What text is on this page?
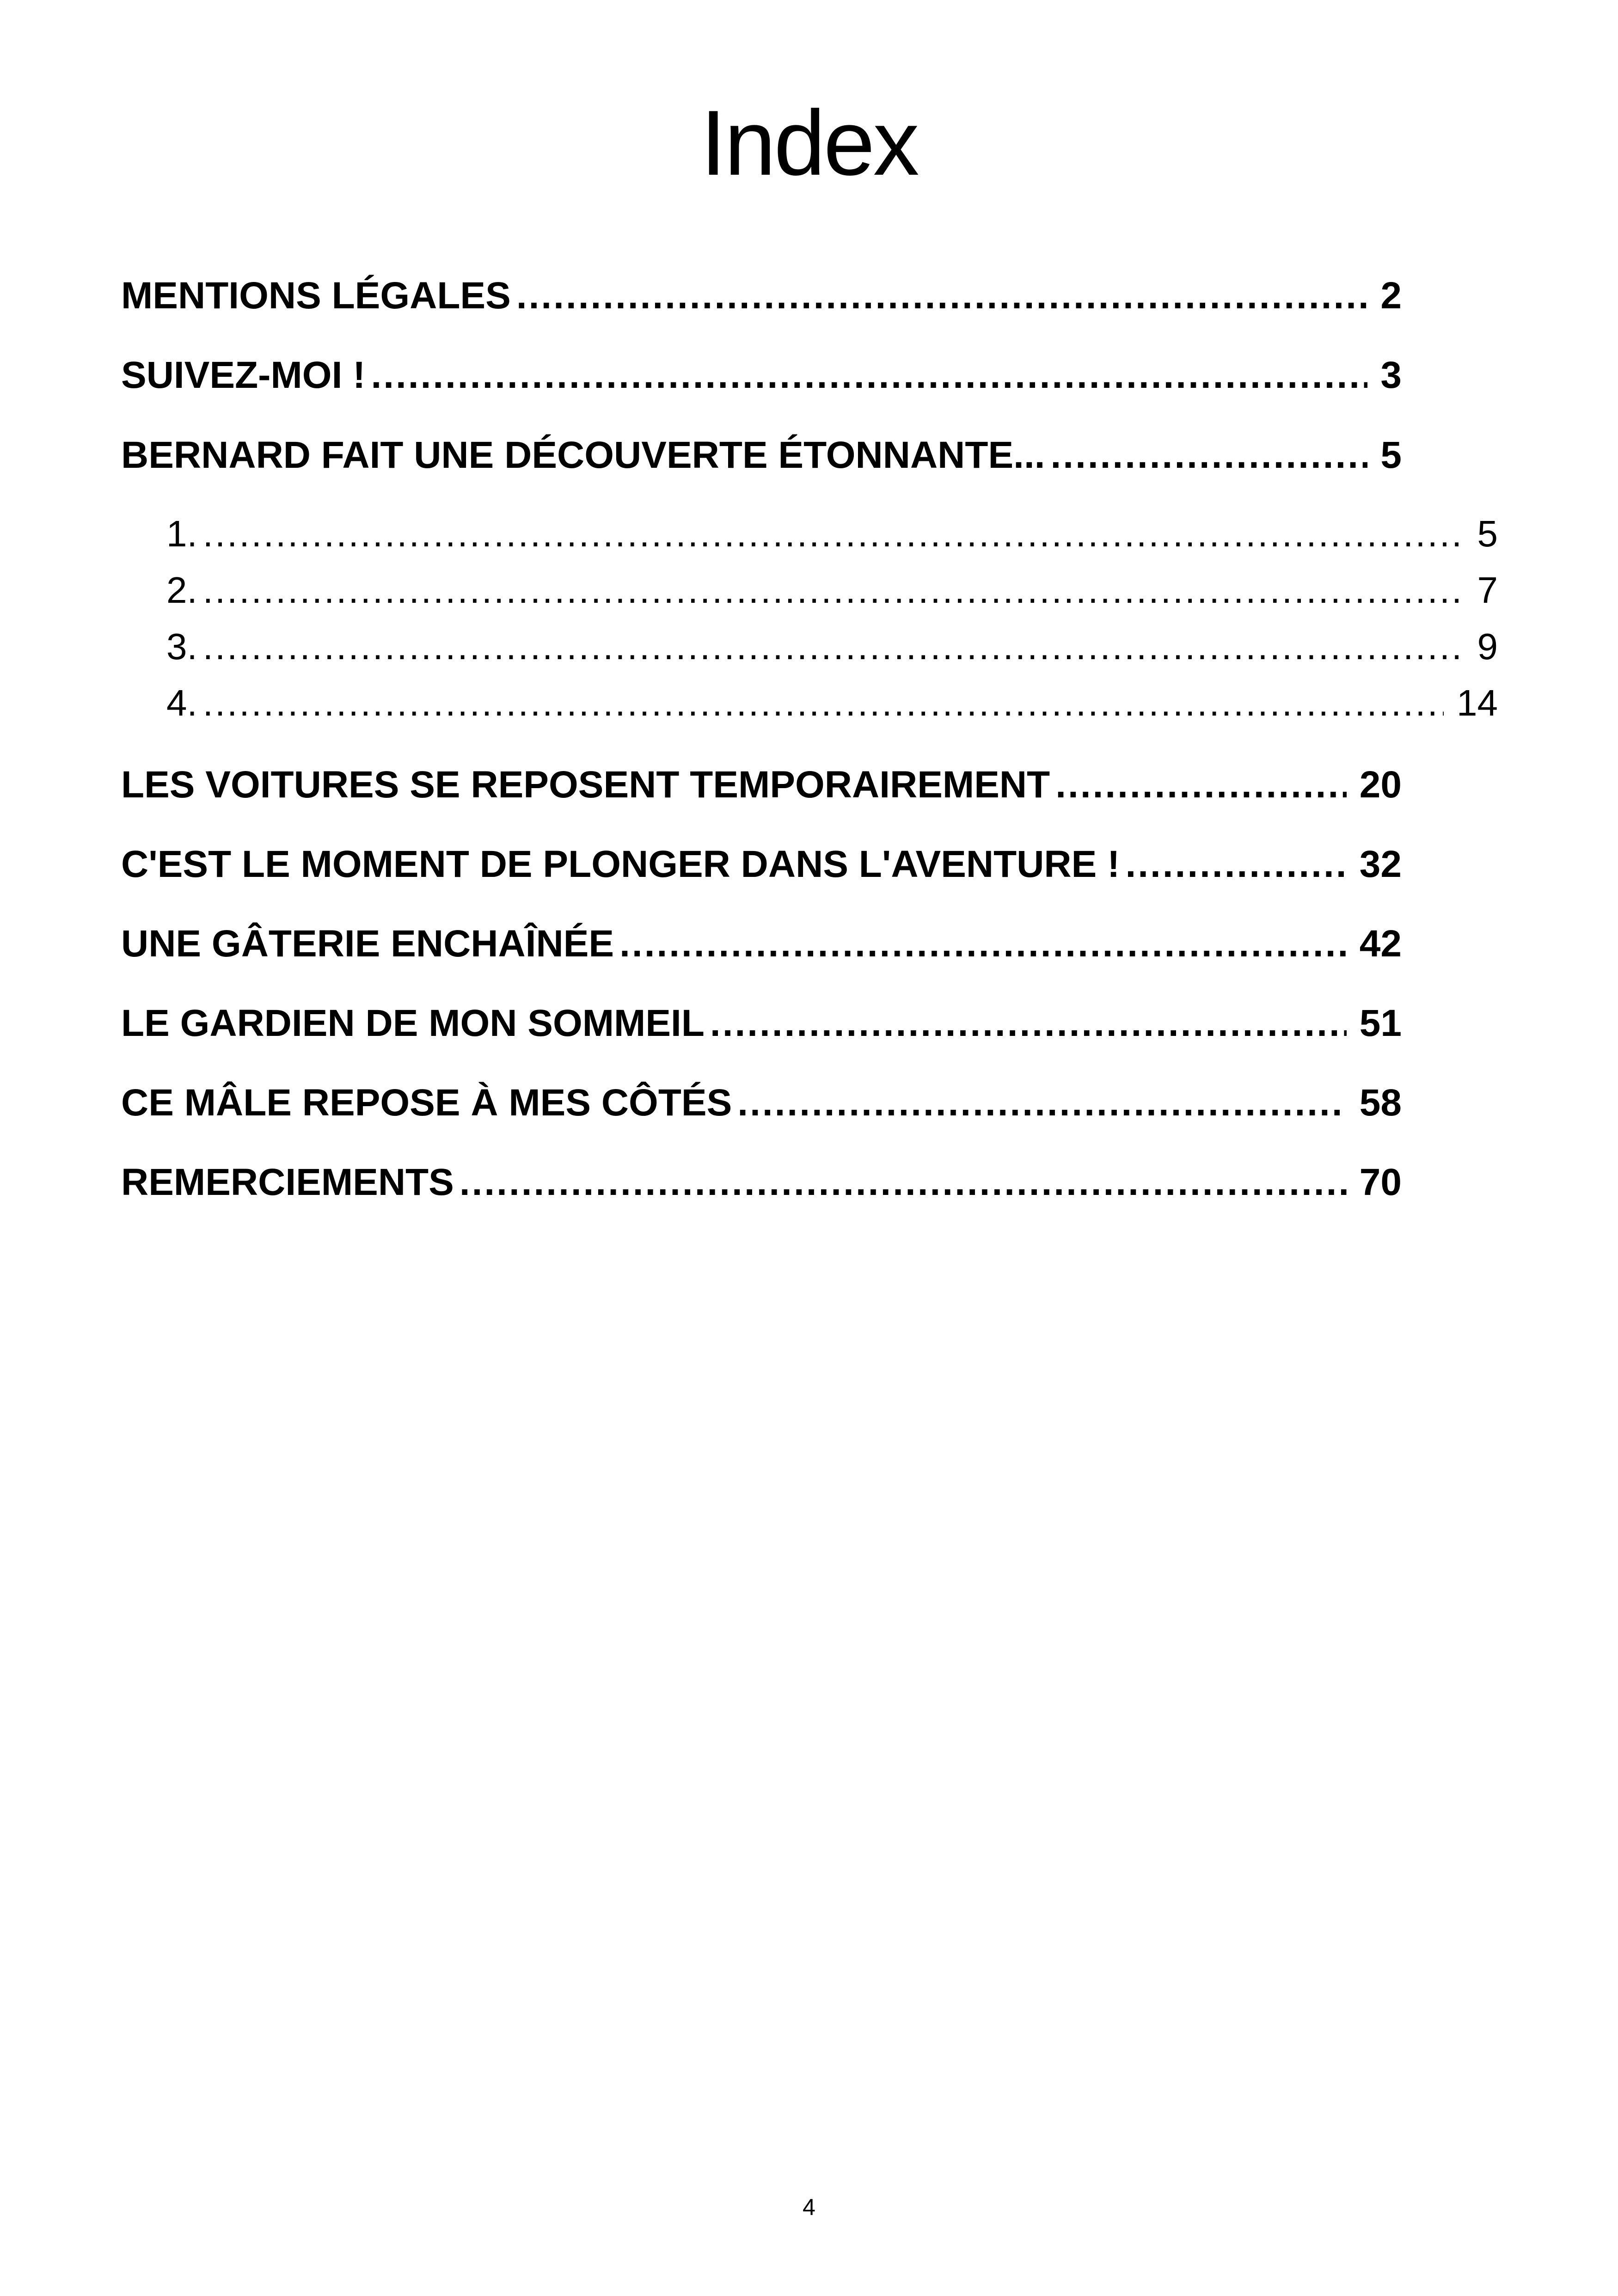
Index
MENTIONS LÉGALES .....	2
SUIVEZ-MOI ! .....	3
BERNARD FAIT UNE DÉCOUVERTE ÉTONNANTE... .....	5
1. .....	5
2. .....	7
3. .....	9
4. .....	14
LES VOITURES SE REPOSENT TEMPORAIREMENT .....	20
C'EST LE MOMENT DE PLONGER DANS L'AVENTURE ! .....	32
UNE GÂTERIE ENCHAÎNÉE .....	42
LE GARDIEN DE MON SOMMEIL .....	51
CE MÂLE REPOSE À MES CÔTÉS .....	58
REMERCIEMENTS .....	70
4
